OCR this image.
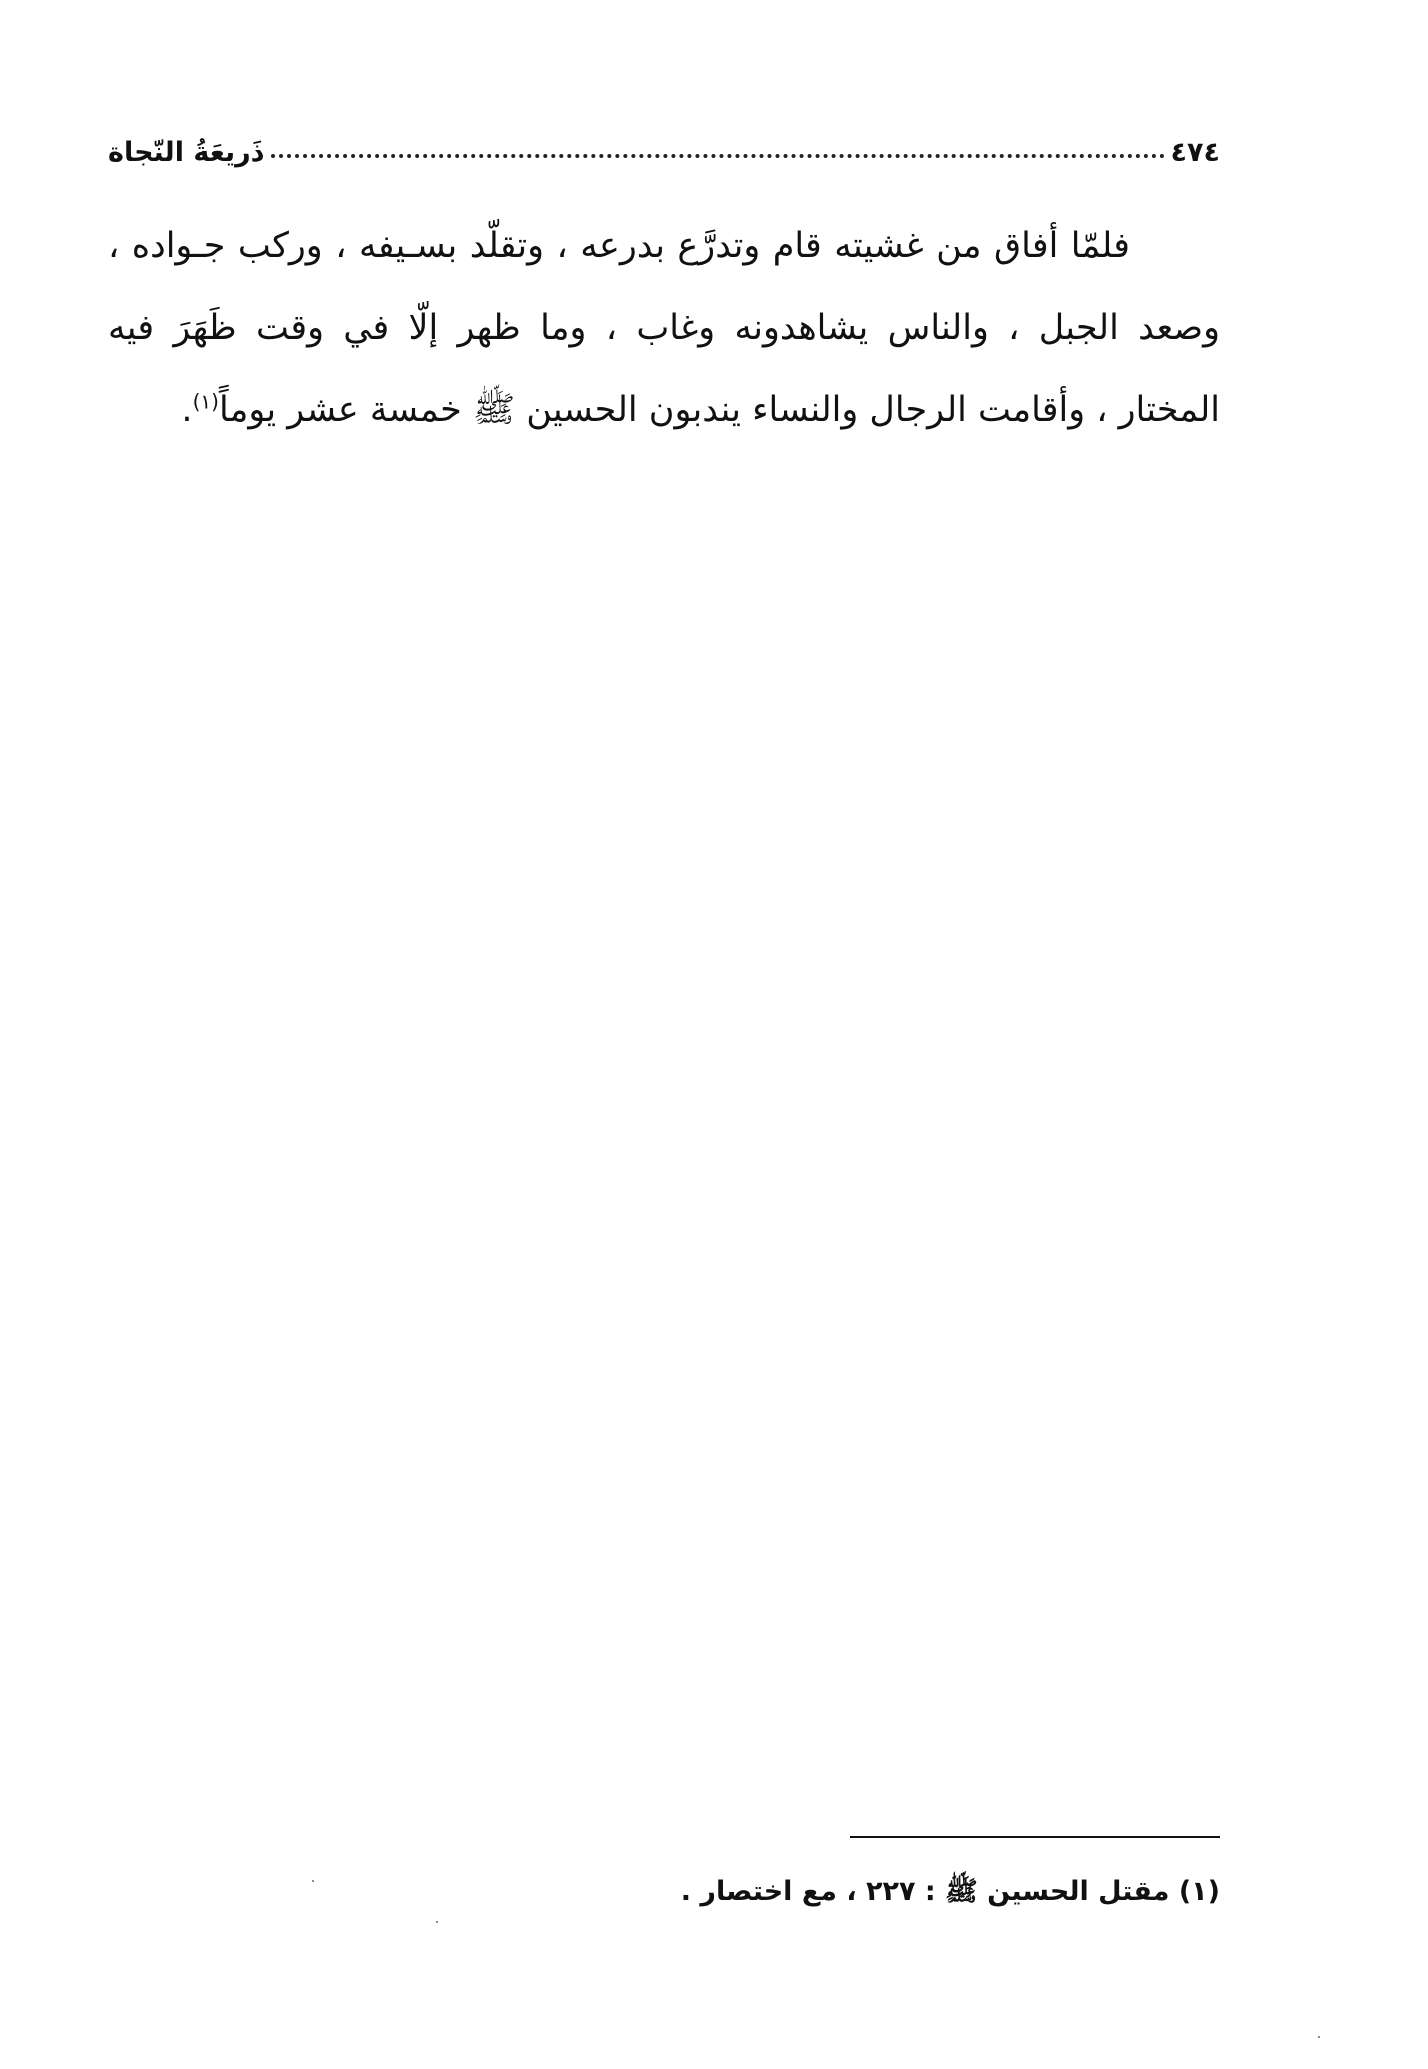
٤٧٤
ذَريعَةُ النّجاة

فلمّا أفاق من غشيته قام وتدرَّع بدرعه ، وتقلّد بسـيفه ، وركب جـواده ، وصعد الجبل ، والناس يشاهدونه وغاب ، وما ظهر إلّا في وقت ظَهَرَ فيه المختار ، وأقامت الرجال والنساء يندبون الحسين ﷺ خمسة عشر يوماً$^{(١)}$.

(١) مقتل الحسين ﷺ : ٢٢٧ ، مع اختصار .
